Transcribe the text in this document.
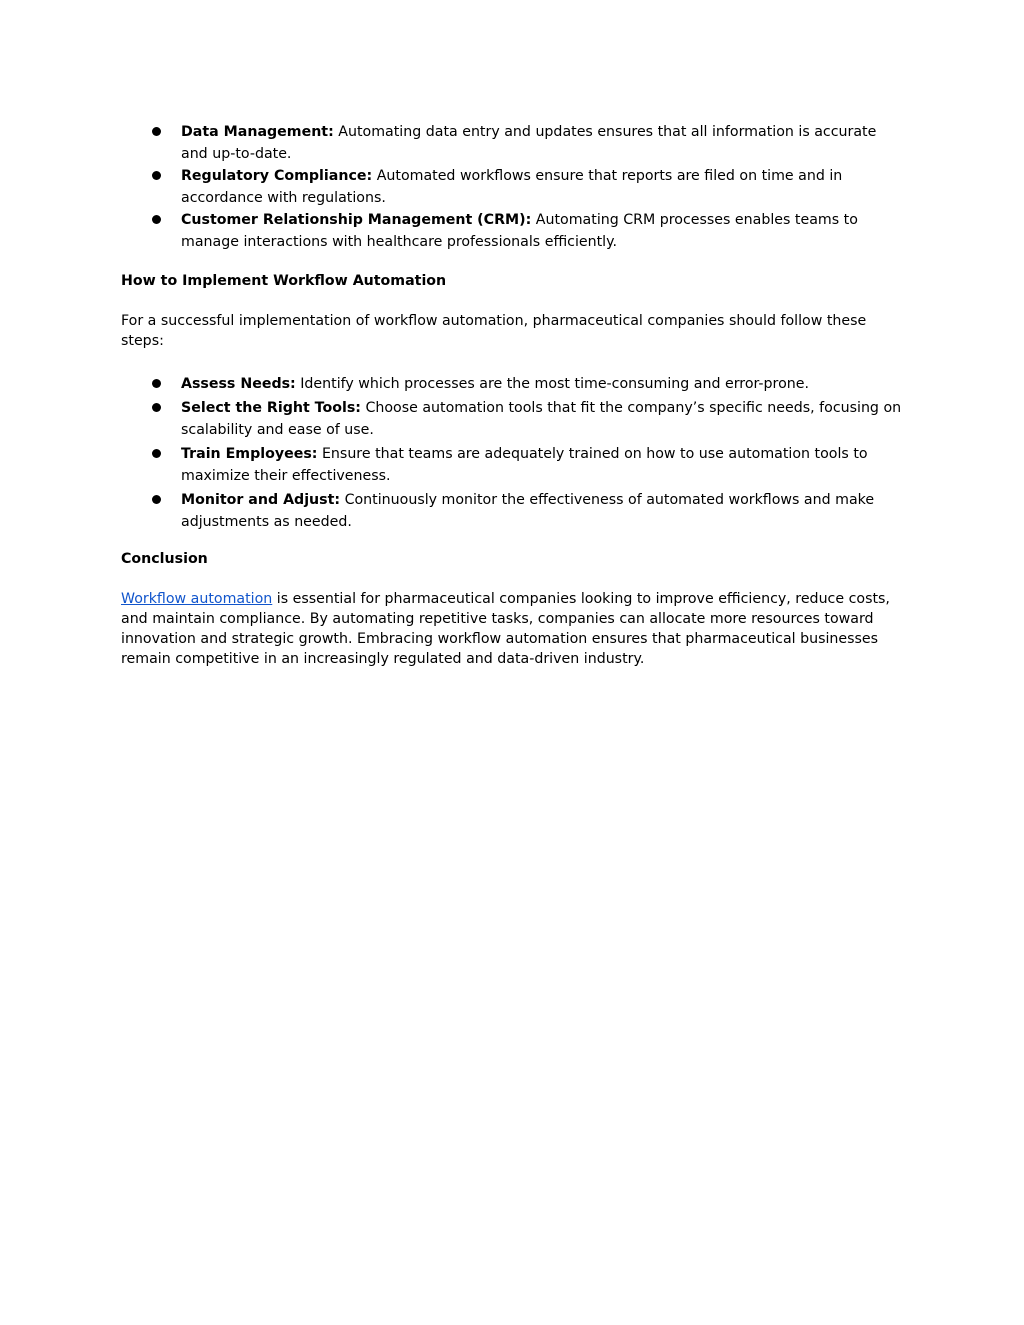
Data Management: Automating data entry and updates ensures that all information is accurate and up-to-date.
Regulatory Compliance: Automated workflows ensure that reports are filed on time and in accordance with regulations.
Customer Relationship Management (CRM): Automating CRM processes enables teams to manage interactions with healthcare professionals efficiently.
How to Implement Workflow Automation

For a successful implementation of workflow automation, pharmaceutical companies should follow these steps:

Assess Needs: Identify which processes are the most time-consuming and error-prone.
Select the Right Tools: Choose automation tools that fit the company’s specific needs, focusing on scalability and ease of use.
Train Employees: Ensure that teams are adequately trained on how to use automation tools to maximize their effectiveness.
Monitor and Adjust: Continuously monitor the effectiveness of automated workflows and make adjustments as needed.
Conclusion

Workflow automation is essential for pharmaceutical companies looking to improve efficiency, reduce costs, and maintain compliance. By automating repetitive tasks, companies can allocate more resources toward innovation and strategic growth. Embracing workflow automation ensures that pharmaceutical businesses remain competitive in an increasingly regulated and data-driven industry.
